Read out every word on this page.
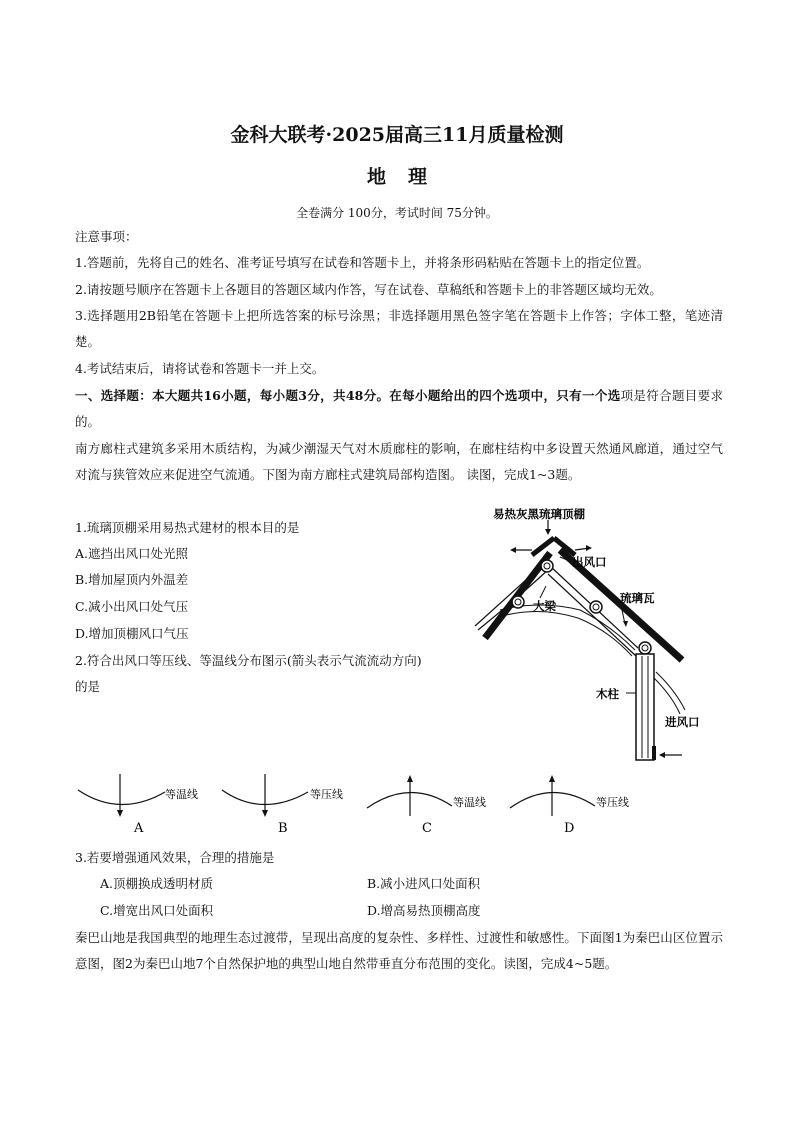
金科大联考·2025届高三11月质量检测
地理
全卷满分 100分，考试时间 75分钟。
注意事项：
1.答题前，先将自己的姓名、准考证号填写在试卷和答题卡上，并将条形码粘贴在答题卡上的指定位置。
2.请按题号顺序在答题卡上各题目的答题区域内作答，写在试卷、草稿纸和答题卡上的非答题区域均无效。
3.选择题用2B铅笔在答题卡上把所选答案的标号涂黑；非选择题用黑色签字笔在答题卡上作答；字体工整，笔迹清楚。
4.考试结束后，请将试卷和答题卡一并上交。
一、选择题：本大题共16小题，每小题3分，共48分。在每小题给出的四个选项中，只有一个选项是符合题目要求的。
南方廊柱式建筑多采用木质结构，为减少潮湿天气对木质廊柱的影响，在廊柱结构中多设置天然通风廊道，通过空气对流与狭管效应来促进空气流通。下图为南方廊柱式建筑局部构造图。 读图，完成1~3题。
1.琉璃顶棚采用易热式建材的根本目的是
A.遮挡出风口处光照
B.增加屋顶内外温差
C.减小出风口处气压
D.增加顶棚风口气压
2.符合出风口等压线、等温线分布图示(箭头表示气流流动方向)
的是
易热灰黑琉璃顶棚
出风口
琉璃瓦
大梁
木柱
进风口
等温线
A
等压线
B
等温线
C
等压线
D
3.若要增强通风效果，合理的措施是
A.顶棚换成透明材质	B.减小进风口处面积
C.增宽出风口处面积	D.增高易热顶棚高度
秦巴山地是我国典型的地理生态过渡带，呈现出高度的复杂性、多样性、过渡性和敏感性。下面图1为秦巴山区位置示意图，图2为秦巴山地7个自然保护地的典型山地自然带垂直分布范围的变化。读图，完成4~5题。
